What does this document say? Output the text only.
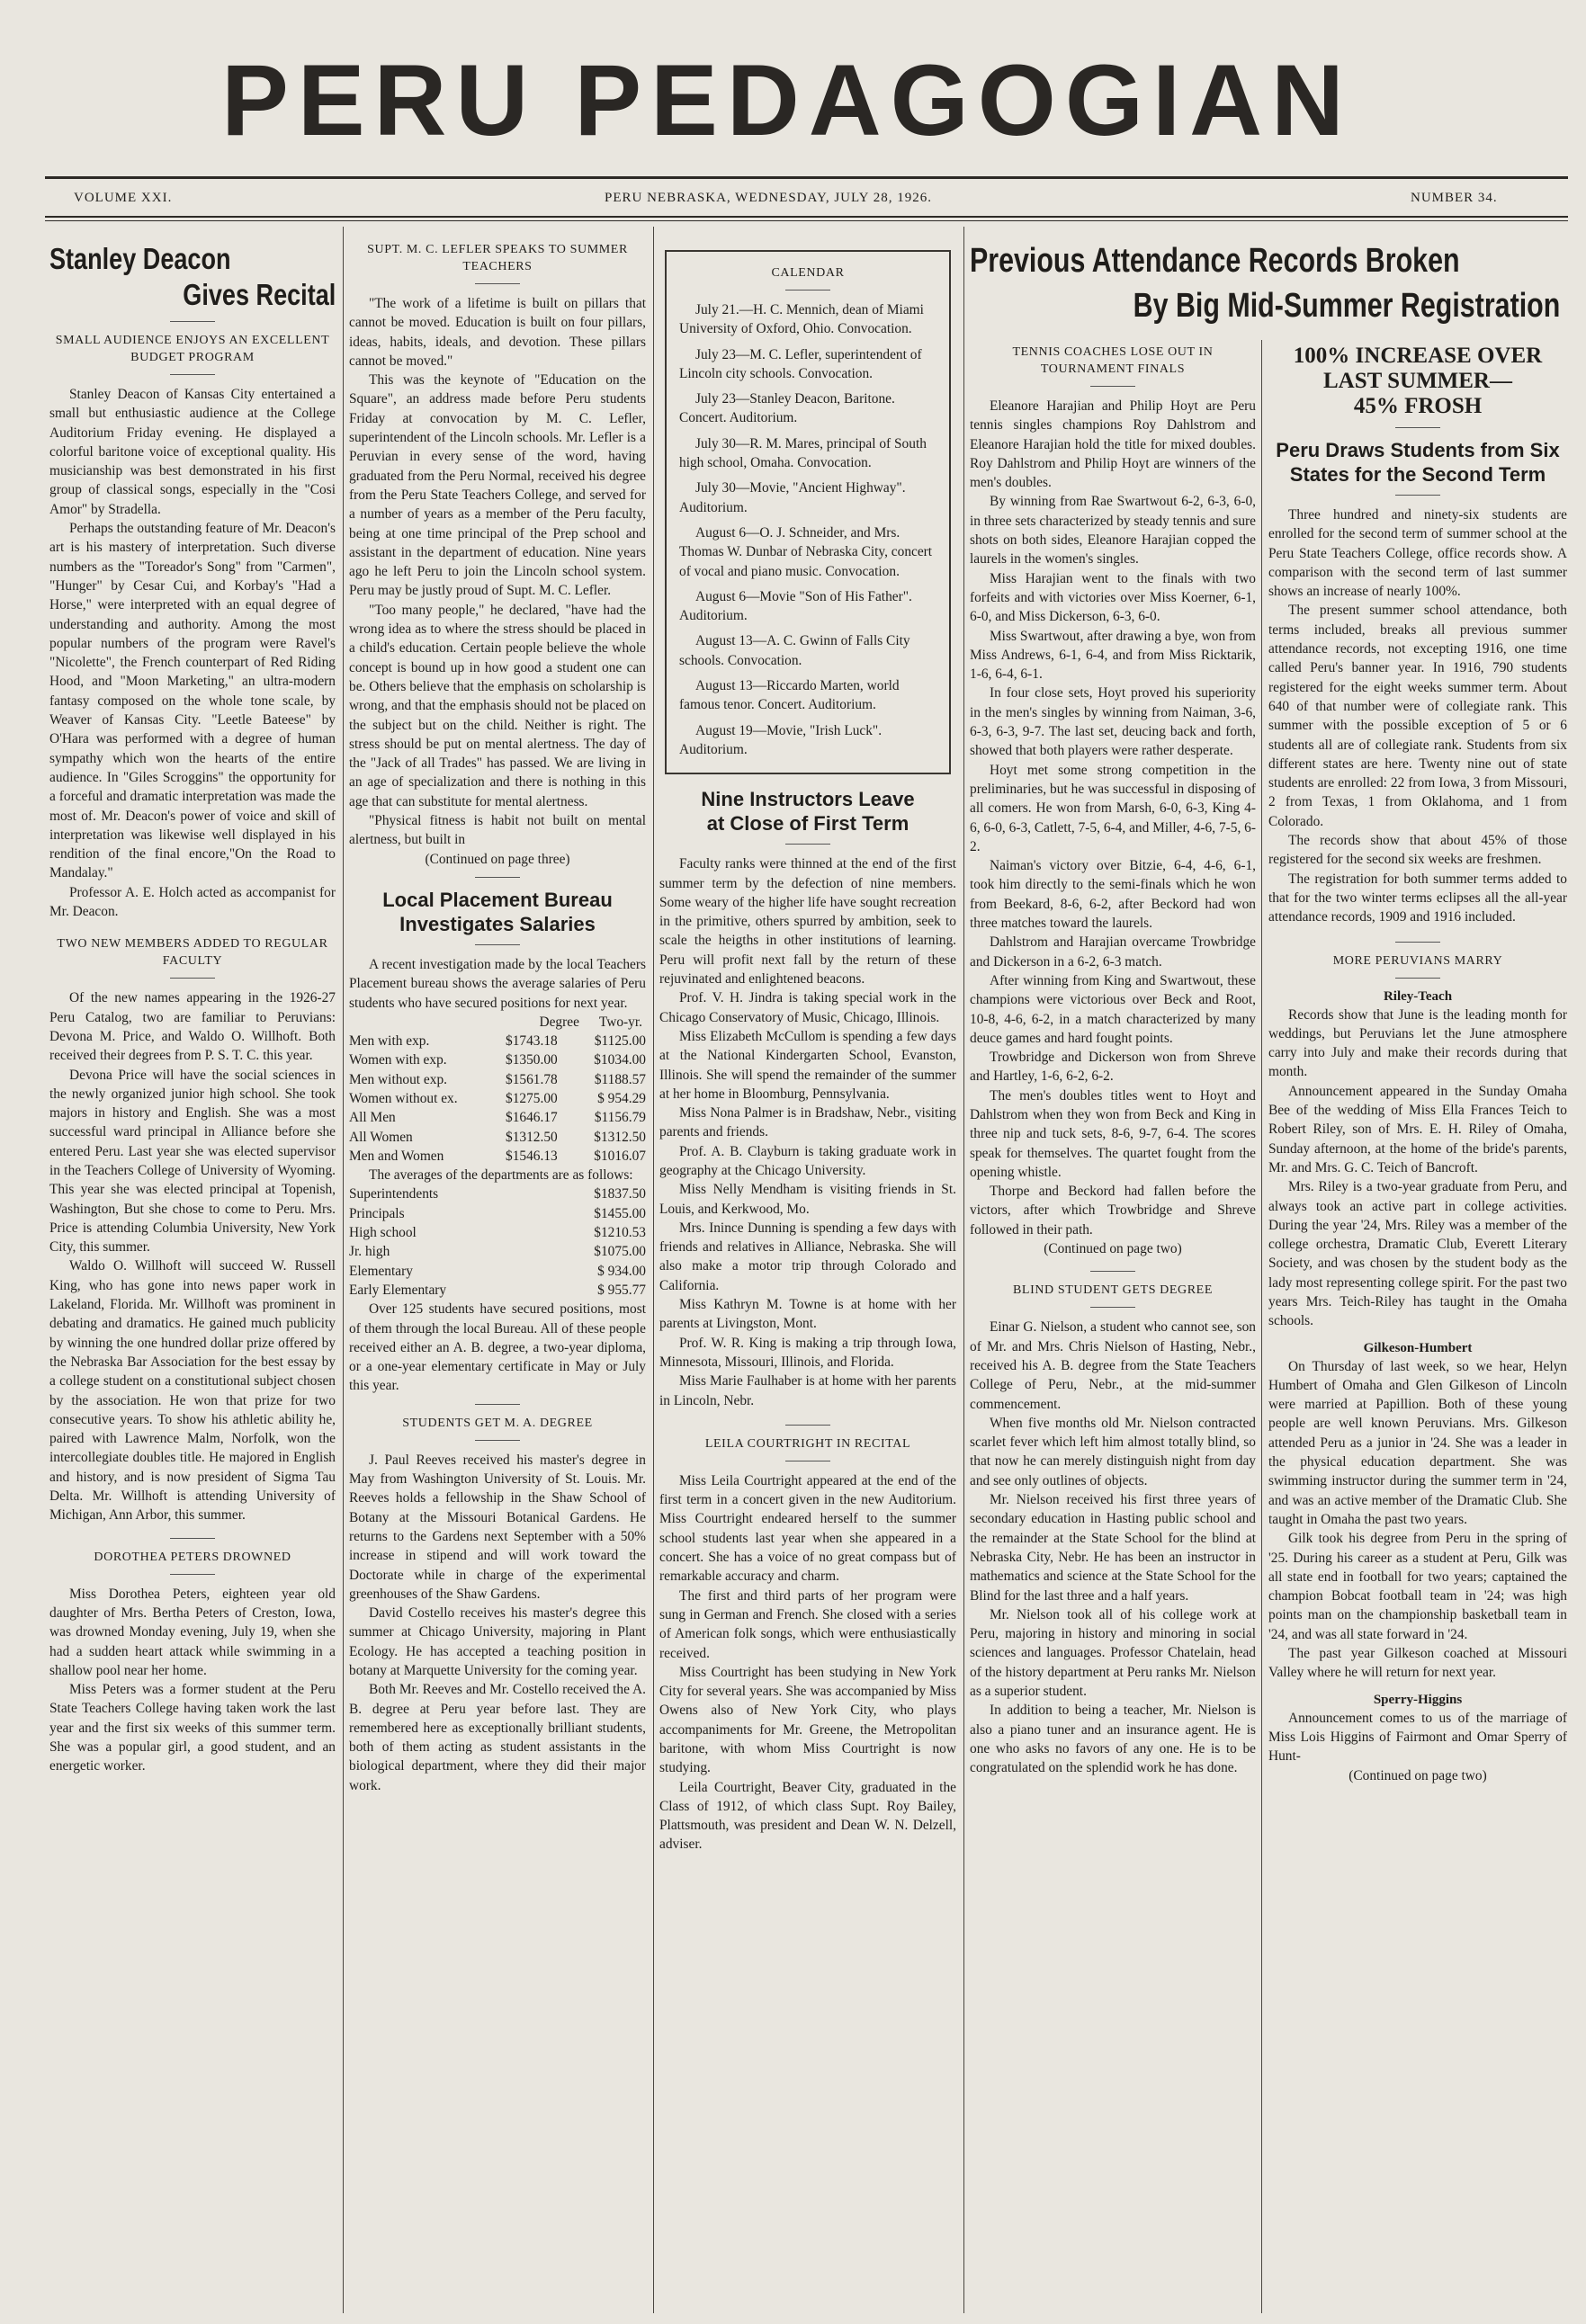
PERU PEDAGOGIAN
VOLUME XXI.	PERU NEBRASKA, WEDNESDAY, JULY 28, 1926.	NUMBER 34.

Stanley Deacon

Gives Recital

SMALL AUDIENCE ENJOYS AN EXCELLENT BUDGET PROGRAM

Stanley Deacon of Kansas City entertained a small but enthusiastic audience at the College Auditorium Friday evening. He displayed a colorful baritone voice of exceptional quality. His musicianship was best demonstrated in his first group of classical songs, especially in the "Cosi Amor" by Stradella.

Perhaps the outstanding feature of Mr. Deacon's art is his mastery of interpretation. Such diverse numbers as the "Toreador's Song" from "Carmen", "Hunger" by Cesar Cui, and Korbay's "Had a Horse," were interpreted with an equal degree of understanding and authority. Among the most popular numbers of the program were Ravel's "Nicolette", the French counterpart of Red Riding Hood, and "Moon Marketing," an ultra-modern fantasy composed on the whole tone scale, by Weaver of Kansas City. "Leetle Bateese" by O'Hara was performed with a degree of human sympathy which won the hearts of the entire audience. In "Giles Scroggins" the opportunity for a forceful and dramatic interpretation was made the most of. Mr. Deacon's power of voice and skill of interpretation was likewise well displayed in his rendition of the final encore,"On the Road to Mandalay."

Professor A. E. Holch acted as accompanist for Mr. Deacon.

TWO NEW MEMBERS ADDED TO REGULAR FACULTY

Of the new names appearing in the 1926-27 Peru Catalog, two are familiar to Peruvians: Devona M. Price, and Waldo O. Willhoft. Both received their degrees from P. S. T. C. this year.

Devona Price will have the social sciences in the newly organized junior high school. She took majors in history and English. She was a most successful ward principal in Alliance before she entered Peru. Last year she was elected supervisor in the Teachers College of University of Wyoming. This year she was elected principal at Topenish, Washington, But she chose to come to Peru. Mrs. Price is attending Columbia University, New York City, this summer.

Waldo O. Willhoft will succeed W. Russell King, who has gone into news paper work in Lakeland, Florida. Mr. Willhoft was prominent in debating and dramatics. He gained much publicity by winning the one hundred dollar prize offered by the Nebraska Bar Association for the best essay by a college student on a constitutional subject chosen by the association. He won that prize for two consecutive years. To show his athletic ability he, paired with Lawrence Malm, Norfolk, won the intercollegiate doubles title. He majored in English and history, and is now president of Sigma Tau Delta. Mr. Willhoft is attending University of Michigan, Ann Arbor, this summer.

DOROTHEA PETERS DROWNED

Miss Dorothea Peters, eighteen year old daughter of Mrs. Bertha Peters of Creston, Iowa, was drowned Monday evening, July 19, when she had a sudden heart attack while swimming in a shallow pool near her home.

Miss Peters was a former student at the Peru State Teachers College having taken work the last year and the first six weeks of this summer term. She was a popular girl, a good student, and an energetic worker.

SUPT. M. C. LEFLER SPEAKS TO SUMMER TEACHERS

"The work of a lifetime is built on pillars that cannot be moved. Education is built on four pillars, ideas, habits, ideals, and devotion. These pillars cannot be moved."

This was the keynote of "Education on the Square", an address made before Peru students Friday at convocation by M. C. Lefler, superintendent of the Lincoln schools. Mr. Lefler is a Peruvian in every sense of the word, having graduated from the Peru Normal, received his degree from the Peru State Teachers College, and served for a number of years as a member of the Peru faculty, being at one time principal of the Prep school and assistant in the department of education. Nine years ago he left Peru to join the Lincoln school system. Peru may be justly proud of Supt. M. C. Lefler.

"Too many people," he declared, "have had the wrong idea as to where the stress should be placed in a child's education. Certain people believe the whole concept is bound up in how good a student one can be. Others believe that the emphasis on scholarship is wrong, and that the emphasis should not be placed on the subject but on the child. Neither is right. The stress should be put on mental alertness. The day of the "Jack of all Trades" has passed. We are living in an age of specialization and there is nothing in this age that can substitute for mental alertness.

"Physical fitness is habit not built on mental alertness, but built in

(Continued on page three)

Local Placement Bureau

Investigates Salaries

A recent investigation made by the local Teachers Placement bureau shows the average salaries of Peru students who have secured positions for next year.

Degree Two-yr.
Men with exp.	$1743.18	$1125.00
Women with exp.	$1350.00	$1034.00
Men without exp.	$1561.78	$1188.57
Women without ex.	$1275.00	$ 954.29
All Men	$1646.17	$1156.79
All Women	$1312.50	$1312.50
Men and Women	$1546.13	$1016.07

The averages of the departments are as follows:

Superintendents	$1837.50
Principals	$1455.00
High school	$1210.53
Jr. high	$1075.00
Elementary	$ 934.00
Early Elementary	$ 955.77

Over 125 students have secured positions, most of them through the local Bureau. All of these people received either an A. B. degree, a two-year diploma, or a one-year elementary certificate in May or July this year.

STUDENTS GET M. A. DEGREE

J. Paul Reeves received his master's degree in May from Washington University of St. Louis. Mr. Reeves holds a fellowship in the Shaw School of Botany at the Missouri Botanical Gardens. He returns to the Gardens next September with a 50% increase in stipend and will work toward the Doctorate while in charge of the experimental greenhouses of the Shaw Gardens.

David Costello receives his master's degree this summer at Chicago University, majoring in Plant Ecology. He has accepted a teaching position in botany at Marquette University for the coming year.

Both Mr. Reeves and Mr. Costello received the A. B. degree at Peru year before last. They are remembered here as exceptionally brilliant students, both of them acting as student assistants in the biological department, where they did their major work.

CALENDAR

July 21.—H. C. Mennich, dean of Miami University of Oxford, Ohio. Convocation.

July 23—M. C. Lefler, superintendent of Lincoln city schools. Convocation.

July 23—Stanley Deacon, Baritone. Concert. Auditorium.

July 30—R. M. Mares, principal of South high school, Omaha. Convocation.

July 30—Movie, "Ancient Highway". Auditorium.

August 6—O. J. Schneider, and Mrs. Thomas W. Dunbar of Nebraska City, concert of vocal and piano music. Convocation.

August 6—Movie "Son of His Father". Auditorium.

August 13—A. C. Gwinn of Falls City schools. Convocation.

August 13—Riccardo Marten, world famous tenor. Concert. Auditorium.

August 19—Movie, "Irish Luck". Auditorium.

Nine Instructors Leave

at Close of First Term

Faculty ranks were thinned at the end of the first summer term by the defection of nine members. Some weary of the higher life have sought recreation in the primitive, others spurred by ambition, seek to scale the heigths in other institutions of learning. Peru will profit next fall by the return of these rejuvinated and enlightened beacons.

Prof. V. H. Jindra is taking special work in the Chicago Conservatory of Music, Chicago, Illinois.

Miss Elizabeth McCullom is spending a few days at the National Kindergarten School, Evanston, Illinois. She will spend the remainder of the summer at her home in Bloomburg, Pennsylvania.

Miss Nona Palmer is in Bradshaw, Nebr., visiting parents and friends.

Prof. A. B. Clayburn is taking graduate work in geography at the Chicago University.

Miss Nelly Mendham is visiting friends in St. Louis, and Kerkwood, Mo.

Mrs. Inince Dunning is spending a few days with friends and relatives in Alliance, Nebraska. She will also make a motor trip through Colorado and California.

Miss Kathryn M. Towne is at home with her parents at Livingston, Mont.

Prof. W. R. King is making a trip through Iowa, Minnesota, Missouri, Illinois, and Florida.

Miss Marie Faulhaber is at home with her parents in Lincoln, Nebr.

LEILA COURTRIGHT IN RECITAL

Miss Leila Courtright appeared at the end of the first term in a concert given in the new Auditorium. Miss Courtright endeared herself to the summer school students last year when she appeared in a concert. She has a voice of no great compass but of remarkable accuracy and charm.

The first and third parts of her program were sung in German and French. She closed with a series of American folk songs, which were enthusiastically received.

Miss Courtright has been studying in New York City for several years. She was accompanied by Miss Owens also of New York City, who plays accompaniments for Mr. Greene, the Metropolitan baritone, with whom Miss Courtright is now studying.

Leila Courtright, Beaver City, graduated in the Class of 1912, of which class Supt. Roy Bailey, Plattsmouth, was president and Dean W. N. Delzell, adviser.

Previous Attendance Records Broken

By Big Mid-Summer Registration

TENNIS COACHES LOSE OUT IN TOURNAMENT FINALS

Eleanore Harajian and Philip Hoyt are Peru tennis singles champions Roy Dahlstrom and Eleanore Harajian hold the title for mixed doubles. Roy Dahlstrom and Philip Hoyt are winners of the men's doubles.

By winning from Rae Swartwout 6-2, 6-3, 6-0, in three sets characterized by steady tennis and sure shots on both sides, Eleanore Harajian copped the laurels in the women's singles.

Miss Harajian went to the finals with two forfeits and with victories over Miss Koerner, 6-1, 6-0, and Miss Dickerson, 6-3, 6-0.

Miss Swartwout, after drawing a bye, won from Miss Andrews, 6-1, 6-4, and from Miss Ricktarik, 1-6, 6-4, 6-1.

In four close sets, Hoyt proved his superiority in the men's singles by winning from Naiman, 3-6, 6-3, 6-3, 9-7. The last set, deucing back and forth, showed that both players were rather desperate.

Hoyt met some strong competition in the preliminaries, but he was successful in disposing of all comers. He won from Marsh, 6-0, 6-3, King 4-6, 6-0, 6-3, Catlett, 7-5, 6-4, and Miller, 4-6, 7-5, 6-2.

Naiman's victory over Bitzie, 6-4, 4-6, 6-1, took him directly to the semi-finals which he won from Beekard, 8-6, 6-2, after Beckord had won three matches toward the laurels.

Dahlstrom and Harajian overcame Trowbridge and Dickerson in a 6-2, 6-3 match.

After winning from King and Swartwout, these champions were victorious over Beck and Root, 10-8, 4-6, 6-2, in a match characterized by many deuce games and hard fought points.

Trowbridge and Dickerson won from Shreve and Hartley, 1-6, 6-2, 6-2.

The men's doubles titles went to Hoyt and Dahlstrom when they won from Beck and King in three nip and tuck sets, 8-6, 9-7, 6-4. The scores speak for themselves. The quartet fought from the opening whistle.

Thorpe and Beckord had fallen before the victors, after which Trowbridge and Shreve followed in their path.

(Continued on page two)

BLIND STUDENT GETS DEGREE

Einar G. Nielson, a student who cannot see, son of Mr. and Mrs. Chris Nielson of Hasting, Nebr., received his A. B. degree from the State Teachers College of Peru, Nebr., at the mid-summer commencement.

When five months old Mr. Nielson contracted scarlet fever which left him almost totally blind, so that now he can merely distinguish night from day and see only outlines of objects.

Mr. Nielson received his first three years of secondary education in Hasting public school and the remainder at the State School for the blind at Nebraska City, Nebr. He has been an instructor in mathematics and science at the State School for the Blind for the last three and a half years.

Mr. Nielson took all of his college work at Peru, majoring in history and minoring in social sciences and languages. Professor Chatelain, head of the history department at Peru ranks Mr. Nielson as a superior student.

In addition to being a teacher, Mr. Nielson is also a piano tuner and an insurance agent. He is one who asks no favors of any one. He is to be congratulated on the splendid work he has done.

100% INCREASE OVER LAST SUMMER—

45% FROSH

Peru Draws Students from Six States for the Second Term

Three hundred and ninety-six students are enrolled for the second term of summer school at the Peru State Teachers College, office records show. A comparison with the second term of last summer shows an increase of nearly 100%.

The present summer school attendance, both terms included, breaks all previous summer attendance records, not excepting 1916, one time called Peru's banner year. In 1916, 790 students registered for the eight weeks summer term. About 640 of that number were of collegiate rank. This summer with the possible exception of 5 or 6 students all are of collegiate rank. Students from six different states are here. Twenty nine out of state students are enrolled: 22 from Iowa, 3 from Missouri, 2 from Texas, 1 from Oklahoma, and 1 from Colorado.

The records show that about 45% of those registered for the second six weeks are freshmen.

The registration for both summer terms added to that for the two winter terms eclipses all the all-year attendance records, 1909 and 1916 included.

MORE PERUVIANS MARRY

Riley-Teach

Records show that June is the leading month for weddings, but Peruvians let the June atmosphere carry into July and make their records during that month.

Announcement appeared in the Sunday Omaha Bee of the wedding of Miss Ella Frances Teich to Robert Riley, son of Mrs. E. H. Riley of Omaha, Sunday afternoon, at the home of the bride's parents, Mr. and Mrs. G. C. Teich of Bancroft.

Mrs. Riley is a two-year graduate from Peru, and always took an active part in college activities. During the year '24, Mrs. Riley was a member of the college orchestra, Dramatic Club, Everett Literary Society, and was chosen by the student body as the lady most representing college spirit. For the past two years Mrs. Teich-Riley has taught in the Omaha schools.

Gilkeson-Humbert

On Thursday of last week, so we hear, Helyn Humbert of Omaha and Glen Gilkeson of Lincoln were married at Papillion. Both of these young people are well known Peruvians. Mrs. Gilkeson attended Peru as a junior in '24. She was a leader in the physical education department. She was swimming instructor during the summer term in '24, and was an active member of the Dramatic Club. She taught in Omaha the past two years.

Gilk took his degree from Peru in the spring of '25. During his career as a student at Peru, Gilk was all state end in football for two years; captained the champion Bobcat football team in '24; was high points man on the championship basketball team in '24, and was all state forward in '24.

The past year Gilkeson coached at Missouri Valley where he will return for next year.

Sperry-Higgins

Announcement comes to us of the marriage of Miss Lois Higgins of Fairmont and Omar Sperry of Hunt-

(Continued on page two)
